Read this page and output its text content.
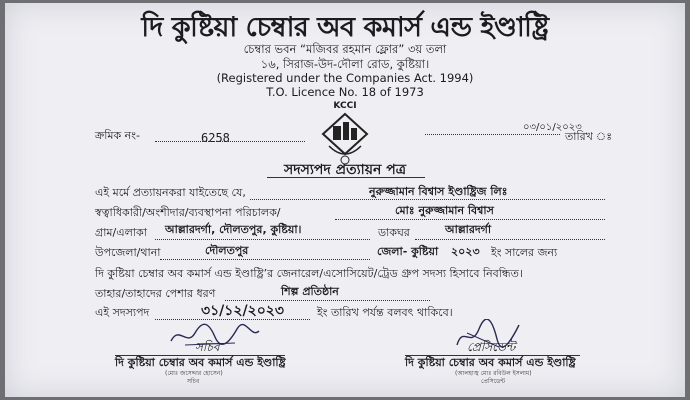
দি কুষ্টিয়া চেম্বার অব কমার্স এন্ড ইণ্ডাষ্ট্রি
চেম্বার ভবন “মজিবর রহমান ফ্লোর” ৩য় তলা
১৬, সিরাজ-উদ-দৌলা রোড, কুষ্টিয়া।
(Registered under the Companies Act. 1994)
T.O. Licence No. 18 of 1973
KCCI
ক্রমিক নং-	6258
০৩/০১/২০২৩
তারিখ ঃ
সদস্যপদ প্রত্যায়ন পত্র
এই মর্মে প্রত্যায়নকরা যাইতেছে যে,	নুরুজ্জামান বিশ্বাস ইণ্ডাষ্ট্রিজ লিঃ
স্বত্বাধিকারী/অংশীদার/ব্যবস্থাপনা পরিচালক/	মোঃ নুরুজ্জামান বিশ্বাস
গ্রাম/এলাকা আল্লারদর্গা, দৌলতপুর, কুষ্টিয়া।	ডাকঘর	আল্লারদর্গা
উপজেলা/থানা	দৌলতপুর	জেলা- কুষ্টিয়া ২০২৩ ইং সালের জন্য
দি কুষ্টিয়া চেম্বার অব কমার্স এন্ড ইণ্ডাষ্ট্রি’র জেনারেল/এসোসিয়েট/ট্রেড গ্রুপ সদস্য হিসাবে নিবন্ধিত।
তাহার/তাহাদের পেশার ধরণ	শিল্প প্রতিষ্ঠান
এই সদস্যপদ	৩১/১২/২০২৩	ইং তারিখ পর্যন্ত বলবৎ থাকিবে।
সচিব
দি কুষ্টিয়া চেম্বার অব কমার্স এন্ড ইণ্ডাষ্ট্রি
(মোঃ জসেদ্দার হোসেন)
সচিব
প্রেসিডেন্ট
দি কুষ্টিয়া চেম্বার অব কমার্স এন্ড ইণ্ডাষ্ট্রি
(আলহাজ্ব মোঃ রবিউল ইসলাম)
প্রেসিডেন্ট
